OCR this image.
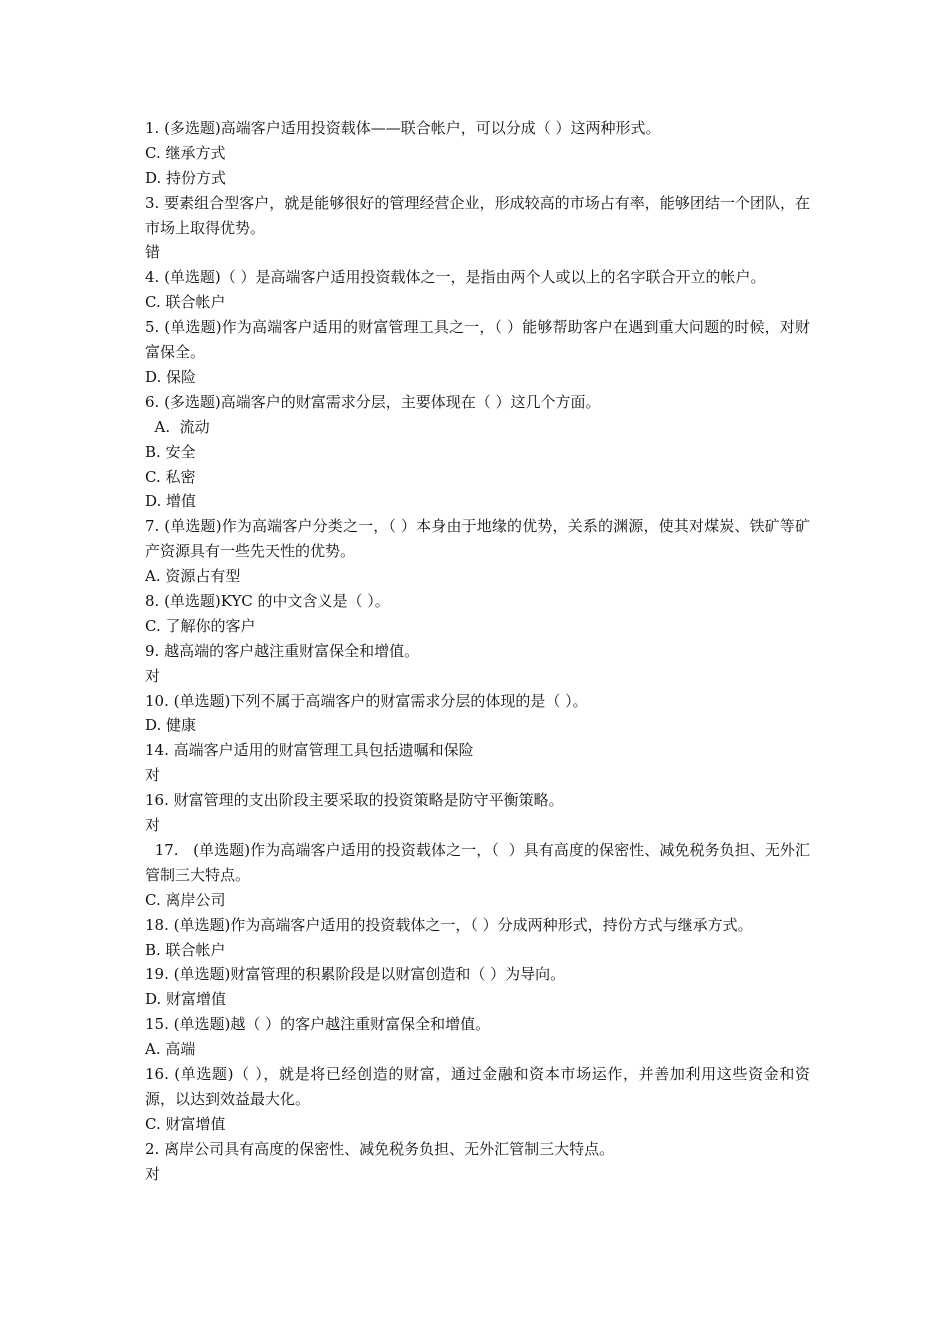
1. (多选题)高端客户适用投资载体——联合帐户，可以分成（ ）这两种形式。
C. 继承方式
D. 持份方式
3. 要素组合型客户，就是能够很好的管理经营企业，形成较高的市场占有率，能够团结一个团队，在市场上取得优势。
错
4. (单选题)（ ）是高端客户适用投资载体之一，是指由两个人或以上的名字联合开立的帐户。
C. 联合帐户
5. (单选题)作为高端客户适用的财富管理工具之一，（ ）能够帮助客户在遇到重大问题的时候，对财富保全。
D. 保险
6. (多选题)高端客户的财富需求分层，主要体现在（ ）这几个方面。
A.  流动
B. 安全
C. 私密
D. 增值
7. (单选题)作为高端客户分类之一，（ ）本身由于地缘的优势，关系的渊源，使其对煤炭、铁矿等矿产资源具有一些先天性的优势。
A. 资源占有型
8. (单选题)KYC 的中文含义是（ ）。
C. 了解你的客户
9. 越高端的客户越注重财富保全和增值。
对
10. (单选题)下列不属于高端客户的财富需求分层的体现的是（ ）。
D. 健康
14. 高端客户适用的财富管理工具包括遗嘱和保险
对
16. 财富管理的支出阶段主要采取的投资策略是防守平衡策略。
对
17.   (单选题)作为高端客户适用的投资载体之一，（  ）具有高度的保密性、减免税务负担、无外汇管制三大特点。
C. 离岸公司
18. (单选题)作为高端客户适用的投资载体之一，（ ）分成两种形式，持份方式与继承方式。
B. 联合帐户
19. (单选题)财富管理的积累阶段是以财富创造和（ ）为导向。
D. 财富增值
15. (单选题)越（ ）的客户越注重财富保全和增值。
A. 高端
16. (单选题)（ ），就是将已经创造的财富，通过金融和资本市场运作，并善加利用这些资金和资源，以达到效益最大化。
C. 财富增值
2. 离岸公司具有高度的保密性、减免税务负担、无外汇管制三大特点。
对
